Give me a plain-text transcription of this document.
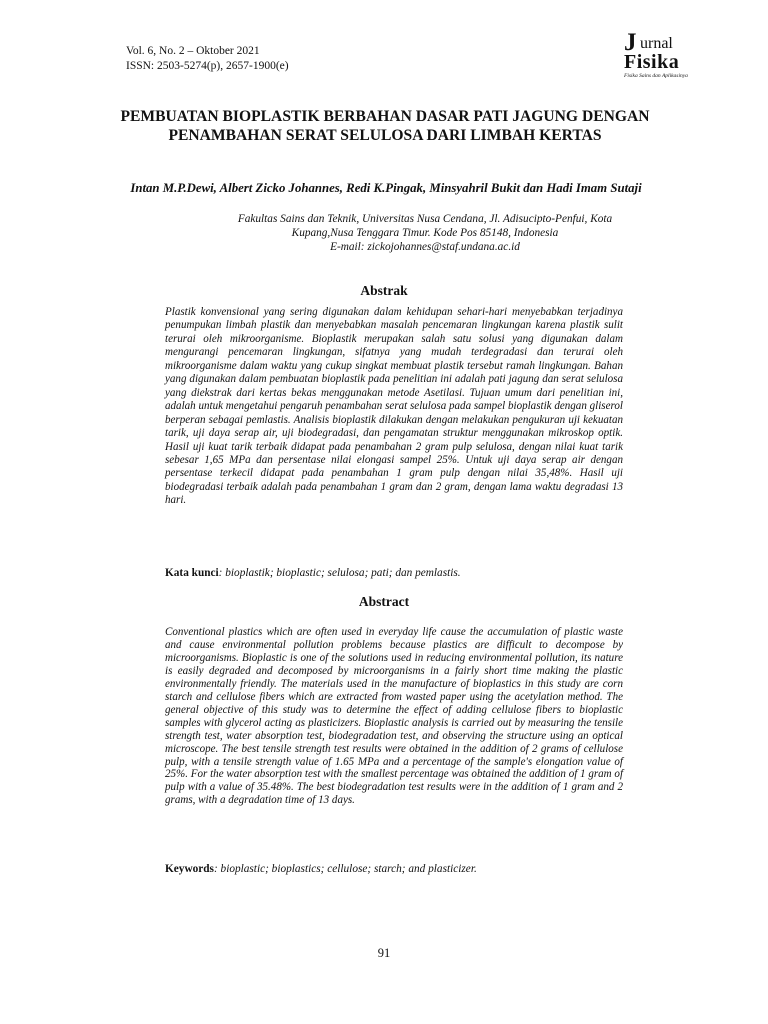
Vol. 6, No. 2 – Oktober 2021
ISSN: 2503-5274(p), 2657-1900(e)
J urnal
Fisika
Fisika Sains dan Aplikasinya
PEMBUATAN BIOPLASTIK BERBAHAN DASAR PATI JAGUNG DENGAN PENAMBAHAN SERAT SELULOSA DARI LIMBAH KERTAS
Intan M.P.Dewi, Albert Zicko Johannes, Redi K.Pingak, Minsyahril Bukit dan Hadi Imam Sutaji
Fakultas Sains dan Teknik, Universitas Nusa Cendana, Jl. Adisucipto-Penfui, Kota
Kupang,Nusa Tenggara Timur. Kode Pos 85148, Indonesia
E-mail: zickojohannes@staf.undana.ac.id
Abstrak
Plastik konvensional yang sering digunakan dalam kehidupan sehari-hari menyebabkan terjadinya penumpukan limbah plastik dan menyebabkan masalah pencemaran lingkungan karena plastik sulit terurai oleh mikroorganisme. Bioplastik merupakan salah satu solusi yang digunakan dalam mengurangi pencemaran lingkungan, sifatnya yang mudah terdegradasi dan terurai oleh mikroorganisme dalam waktu yang cukup singkat membuat plastik tersebut ramah lingkungan. Bahan yang digunakan dalam pembuatan bioplastik pada penelitian ini adalah pati jagung dan serat selulosa yang diekstrak dari kertas bekas menggunakan metode Asetilasi. Tujuan umum dari penelitian ini, adalah untuk mengetahui pengaruh penambahan serat selulosa pada sampel bioplastik dengan gliserol berperan sebagai pemlastis. Analisis bioplastik dilakukan dengan melakukan pengukuran uji kekuatan tarik, uji daya serap air, uji biodegradasi, dan pengamatan struktur menggunakan mikroskop optik. Hasil uji kuat tarik terbaik didapat pada penambahan 2 gram pulp selulosa, dengan nilai kuat tarik sebesar 1,65 MPa dan persentase nilai elongasi sampel 25%. Untuk uji daya serap air dengan persentase terkecil didapat pada penambahan 1 gram pulp dengan nilai 35,48%. Hasil uji biodegradasi terbaik adalah pada penambahan 1 gram dan 2 gram, dengan lama waktu degradasi 13 hari.
Kata kunci: bioplastik; bioplastic; selulosa; pati; dan pemlastis.
Abstract
Conventional plastics which are often used in everyday life cause the accumulation of plastic waste and cause environmental pollution problems because plastics are difficult to decompose by microorganisms. Bioplastic is one of the solutions used in reducing environmental pollution, its nature is easily degraded and decomposed by microorganisms in a fairly short time making the plastic environmentally friendly. The materials used in the manufacture of bioplastics in this study are corn starch and cellulose fibers which are extracted from wasted paper using the acetylation method. The general objective of this study was to determine the effect of adding cellulose fibers to bioplastic samples with glycerol acting as plasticizers. Bioplastic analysis is carried out by measuring the tensile strength test, water absorption test, biodegradation test, and observing the structure using an optical microscope. The best tensile strength test results were obtained in the addition of 2 grams of cellulose pulp, with a tensile strength value of 1.65 MPa and a percentage of the sample's elongation value of 25%. For the water absorption test with the smallest percentage was obtained the addition of 1 gram of pulp with a value of 35.48%. The best biodegradation test results were in the addition of 1 gram and 2 grams, with a degradation time of 13 days.
Keywords: bioplastic; bioplastics; cellulose; starch; and plasticizer.
91
